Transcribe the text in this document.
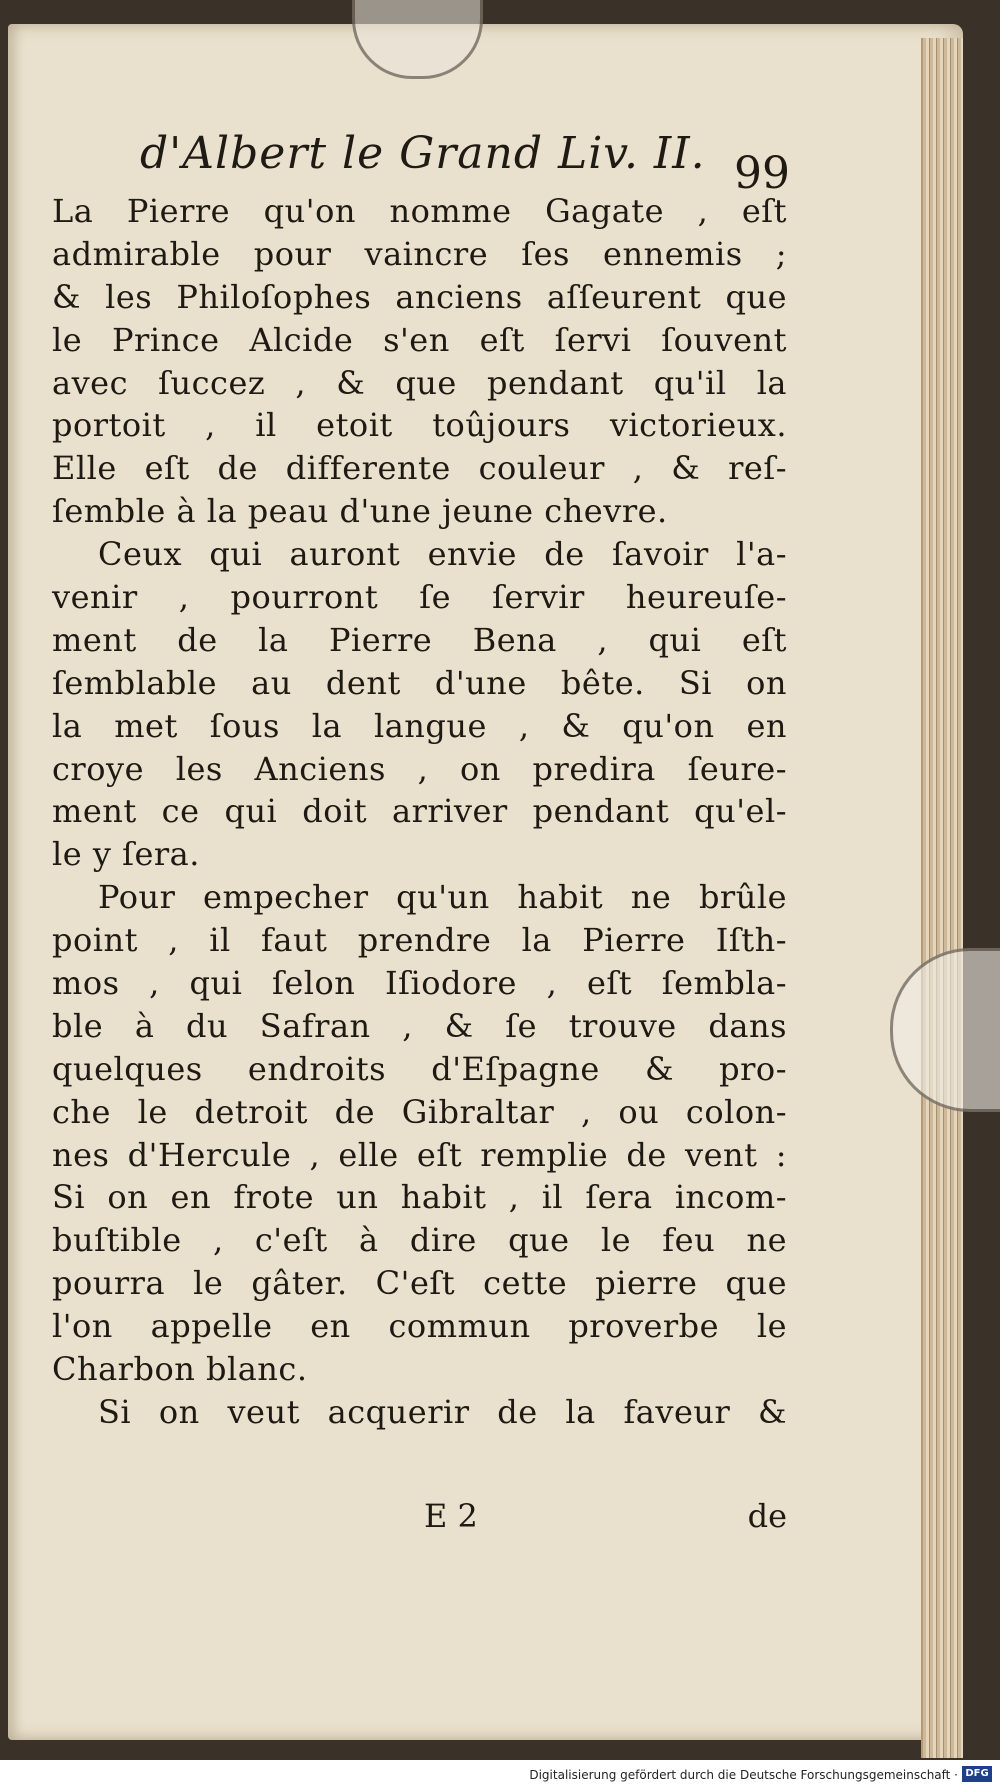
d'Albert le Grand Liv. II. 99
La Pierre qu'on nomme Gagate , eſt
admirable pour vaincre ſes ennemis ;
& les Philoſophes anciens aſſeurent que
le Prince Alcide s'en eſt ſervi ſouvent
avec ſuccez , & que pendant qu'il la
portoit , il etoit toûjours victorieux.
Elle eſt de differente couleur , & reſ-
ſemble à la peau d'une jeune chevre.
Ceux qui auront envie de ſavoir l'a-
venir , pourront ſe ſervir heureuſe-
ment de la Pierre Bena , qui eſt
ſemblable au dent d'une bête. Si on
la met ſous la langue , & qu'on en
croye les Anciens , on predira ſeure-
ment ce qui doit arriver pendant qu'el-
le y ſera.
Pour empecher qu'un habit ne brûle
point , il faut prendre la Pierre Iſth-
mos , qui ſelon Iſiodore , eſt ſembla-
ble à du Safran , & ſe trouve dans
quelques endroits d'Eſpagne & pro-
che le detroit de Gibraltar , ou colon-
nes d'Hercule , elle eſt remplie de vent :
Si on en frote un habit , il ſera incom-
buſtible , c'eſt à dire que le feu ne
pourra le gâter. C'eſt cette pierre que
l'on appelle en commun proverbe le
Charbon blanc.
Si on veut acquerir de la faveur &
E 2	de
Digitalisierung gefördert durch die Deutsche Forschungsgemeinschaft · DFG
